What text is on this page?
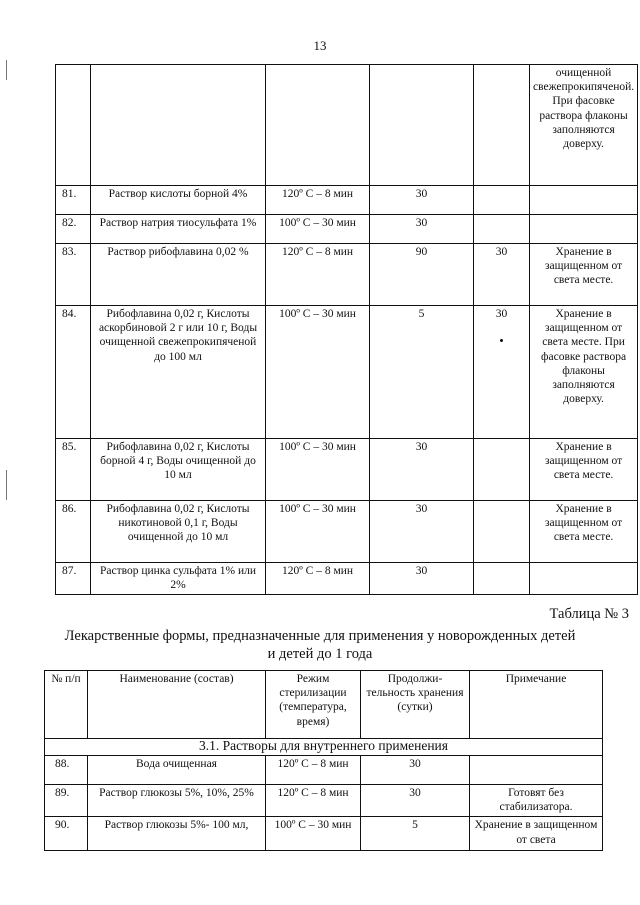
13
					очищенной свежепрокипяченой. При фасовке раствора флаконы заполняются доверху.
81.	Раствор кислоты борной 4%	120º С – 8 мин	30		
82.	Раствор натрия тиосульфата 1%	100º С – 30 мин	30		
83.	Раствор рибофлавина 0,02 %	120º С – 8 мин	90	30	Хранение в защищенном от света месте.
84.	Рибофлавина 0,02 г, Кислоты аскорбиновой 2 г или 10 г, Воды очищенной свежепрокипяченой до 100 мл	100º С – 30 мин	5	30	Хранение в защищенном от света месте. При фасовке раствора флаконы заполняются доверху.
85.	Рибофлавина 0,02 г, Кислоты борной 4 г, Воды очищенной до 10 мл	100º С – 30 мин	30		Хранение в защищенном от света месте.
86.	Рибофлавина 0,02 г, Кислоты никотиновой 0,1 г, Воды очищенной до 10 мл	100º С – 30 мин	30		Хранение в защищенном от света месте.
87.	Раствор цинка сульфата 1% или 2%	120º С – 8 мин	30		
Таблица № 3
Лекарственные формы, предназначенные для применения у новорожденных детей
и детей до 1 года
№ п/п	Наименование (состав)	Режим стерилизации (температура, время)	Продолжи-тельность хранения (сутки)	Примечание
3.1. Растворы для внутреннего применения				
88.	Вода очищенная	120º С – 8 мин	30	
89.	Раствор глюкозы 5%, 10%, 25%	120º С – 8 мин	30	Готовят без стабилизатора.
90.	Раствор глюкозы 5%- 100 мл,	100º С – 30 мин	5	Хранение в защищенном от света
